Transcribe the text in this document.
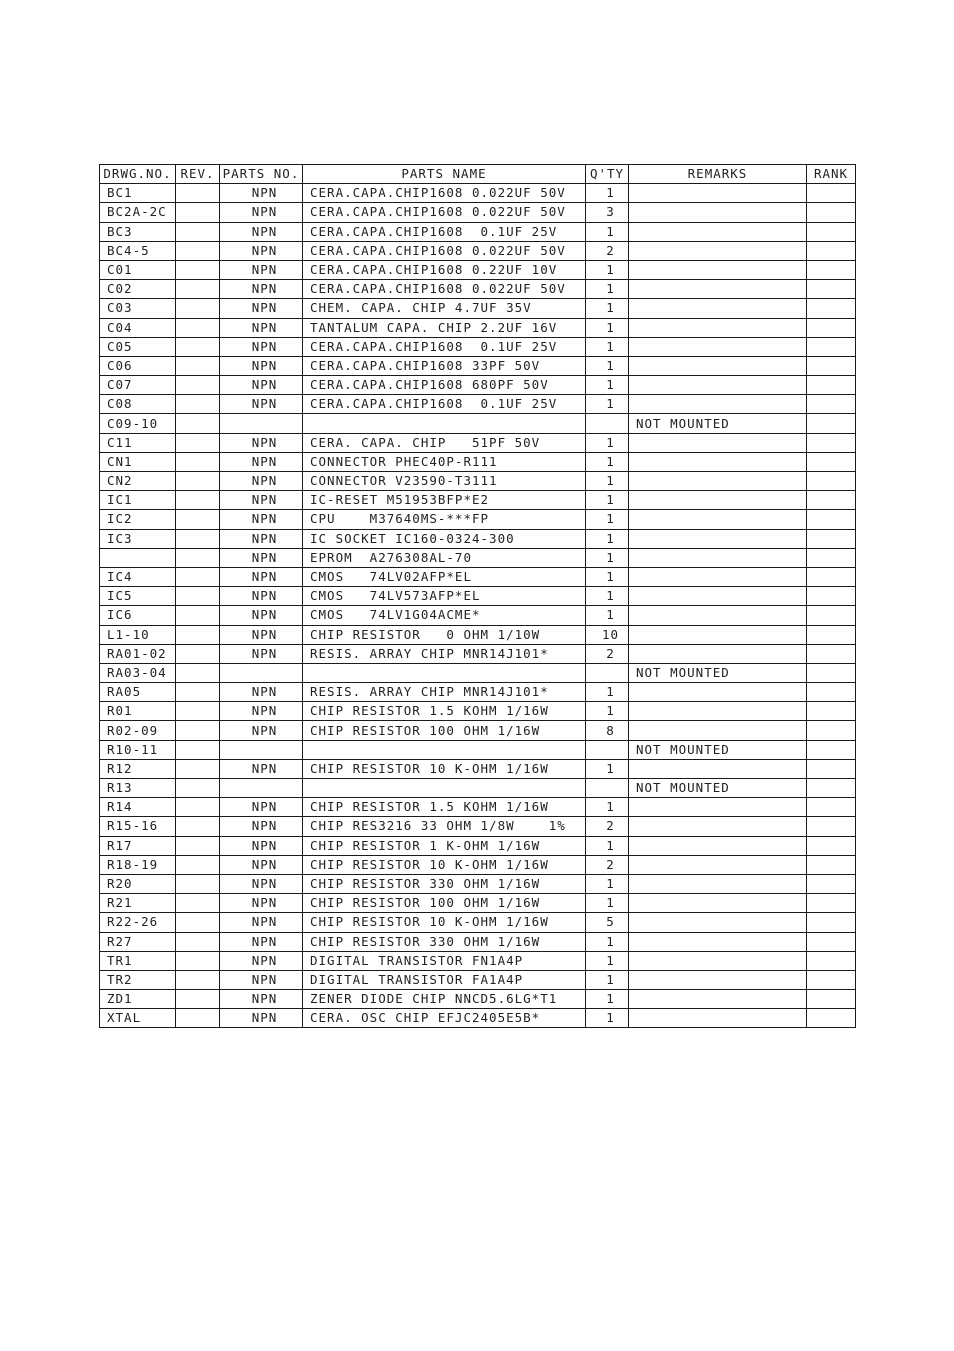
DRWG.NO.	REV.	PARTS NO.	PARTS NAME	Q'TY	REMARKS	RANK
BC1		NPN	CERA.CAPA.CHIP1608 0.022UF 50V	1		
BC2A-2C		NPN	CERA.CAPA.CHIP1608 0.022UF 50V	3		
BC3		NPN	CERA.CAPA.CHIP1608  0.1UF 25V	1		
BC4-5		NPN	CERA.CAPA.CHIP1608 0.022UF 50V	2		
C01		NPN	CERA.CAPA.CHIP1608 0.22UF 10V	1		
C02		NPN	CERA.CAPA.CHIP1608 0.022UF 50V	1		
C03		NPN	CHEM. CAPA. CHIP 4.7UF 35V	1		
C04		NPN	TANTALUM CAPA. CHIP 2.2UF 16V	1		
C05		NPN	CERA.CAPA.CHIP1608  0.1UF 25V	1		
C06		NPN	CERA.CAPA.CHIP1608 33PF 50V	1		
C07		NPN	CERA.CAPA.CHIP1608 680PF 50V	1		
C08		NPN	CERA.CAPA.CHIP1608  0.1UF 25V	1		
C09-10					NOT MOUNTED	
C11		NPN	CERA. CAPA. CHIP   51PF 50V	1		
CN1		NPN	CONNECTOR PHEC40P-R111	1		
CN2		NPN	CONNECTOR V23590-T3111	1		
IC1		NPN	IC-RESET M51953BFP*E2	1		
IC2		NPN	CPU    M37640MS-***FP	1		
IC3		NPN	IC SOCKET IC160-0324-300	1		
		NPN	EPROM  A276308AL-70	1		
IC4		NPN	CMOS   74LV02AFP*EL	1		
IC5		NPN	CMOS   74LV573AFP*EL	1		
IC6		NPN	CMOS   74LV1G04ACME*	1		
L1-10		NPN	CHIP RESISTOR   0 OHM 1/10W	10		
RA01-02		NPN	RESIS. ARRAY CHIP MNR14J101*	2		
RA03-04					NOT MOUNTED	
RA05		NPN	RESIS. ARRAY CHIP MNR14J101*	1		
R01		NPN	CHIP RESISTOR 1.5 KOHM 1/16W	1		
R02-09		NPN	CHIP RESISTOR 100 OHM 1/16W	8		
R10-11					NOT MOUNTED	
R12		NPN	CHIP RESISTOR 10 K-OHM 1/16W	1		
R13					NOT MOUNTED	
R14		NPN	CHIP RESISTOR 1.5 KOHM 1/16W	1		
R15-16		NPN	CHIP RES3216 33 OHM 1/8W    1%	2		
R17		NPN	CHIP RESISTOR 1 K-OHM 1/16W	1		
R18-19		NPN	CHIP RESISTOR 10 K-OHM 1/16W	2		
R20		NPN	CHIP RESISTOR 330 OHM 1/16W	1		
R21		NPN	CHIP RESISTOR 100 OHM 1/16W	1		
R22-26		NPN	CHIP RESISTOR 10 K-OHM 1/16W	5		
R27		NPN	CHIP RESISTOR 330 OHM 1/16W	1		
TR1		NPN	DIGITAL TRANSISTOR FN1A4P	1		
TR2		NPN	DIGITAL TRANSISTOR FA1A4P	1		
ZD1		NPN	ZENER DIODE CHIP NNCD5.6LG*T1	1		
XTAL		NPN	CERA. OSC CHIP EFJC2405E5B*	1		
